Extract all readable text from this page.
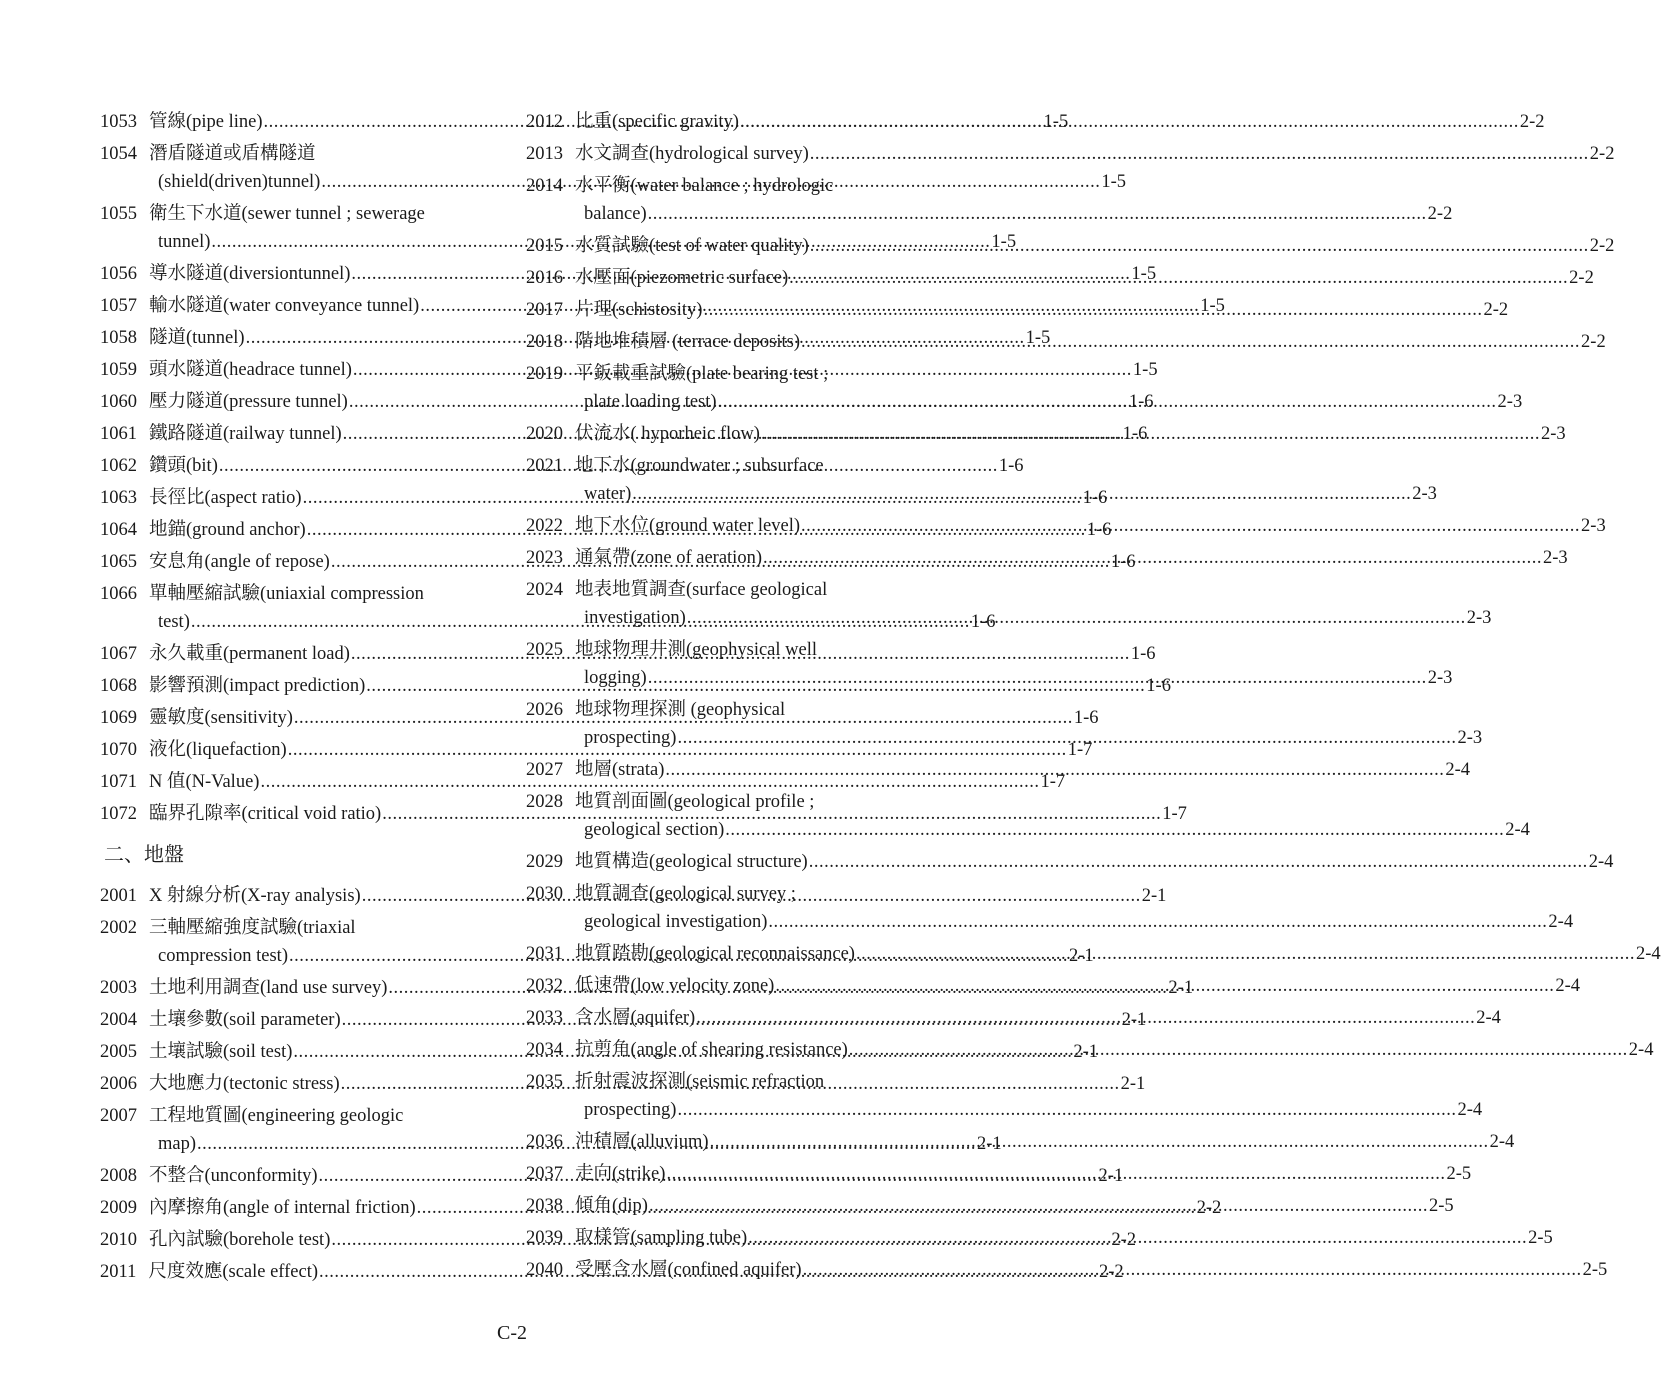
1053 管線(pipe line) .....	1-5
1054 潛盾隧道或盾構隧道
(shield(driven)tunnel) .....	1-5
1055 衛生下水道(sewer tunnel ; sewerage
tunnel) .....	1-5
1056 導水隧道(diversiontunnel) .....	1-5
1057 輸水隧道(water conveyance tunnel) .....	1-5
1058 隧道(tunnel) .....	1-5
1059 頭水隧道(headrace tunnel) .....	1-5
1060 壓力隧道(pressure tunnel) .....	1-6
1061 鐵路隧道(railway tunnel) .....	1-6
1062 鑽頭(bit) .....	1-6
1063 長徑比(aspect ratio) .....	1-6
1064 地錨(ground anchor) .....	1-6
1065 安息角(angle of repose) .....	1-6
1066 單軸壓縮試驗(uniaxial compression
test) .....	1-6
1067 永久載重(permanent load) .....	1-6
1068 影響預測(impact prediction) .....	1-6
1069 靈敏度(sensitivity) .....	1-6
1070 液化(liquefaction) .....	1-7
1071 N 值(N-Value) .....	1-7
1072 臨界孔隙率(critical void ratio) .....	1-7
二、地盤
2001 X 射線分析(X-ray analysis) .....	2-1
2002 三軸壓縮強度試驗(triaxial
compression test) .....	2-1
2003 土地利用調查(land use survey) .....	2-1
2004 土壤參數(soil parameter) .....	2-1
2005 土壤試驗(soil test) .....	2-1
2006 大地應力(tectonic stress) .....	2-1
2007 工程地質圖(engineering geologic
map) .....	2-1
2008 不整合(unconformity) .....	2-1
2009 內摩擦角(angle of internal friction) .....	2-2
2010 孔內試驗(borehole test) .....	2-2
2011 尺度效應(scale effect) .....	2-2
2012 比重(specific gravity) .....	2-2
2013 水文調查(hydrological survey) .....	2-2
2014 水平衡(water balance ; hydrologic
balance) .....	2-2
2015 水質試驗(test of water quality) .....	2-2
2016 水壓面(piezometric surface) .....	2-2
2017 片理(schistosity) .....	2-2
2018 階地堆積層 (terrace deposits) .....	2-2
2019 平鈑載重試驗(plate bearing test ;
plate loading test) .....	2-3
2020 伏流水( hyporheic flow) .....	2-3
2021 地下水(groundwater ; subsurface
water) .....	2-3
2022 地下水位(ground water level) .....	2-3
2023 通氣帶(zone of aeration) .....	2-3
2024 地表地質調查(surface geological
investigation) .....	2-3
2025 地球物理井測(geophysical well
logging) .....	2-3
2026 地球物理探測 (geophysical
prospecting) .....	2-3
2027 地層(strata) .....	2-4
2028 地質剖面圖(geological profile ;
geological section) .....	2-4
2029 地質構造(geological structure) .....	2-4
2030 地質調查(geological survey ;
geological investigation) .....	2-4
2031 地質踏勘(geological reconnaissance) .....	2-4
2032 低速帶(low velocity zone) .....	2-4
2033 含水層(aquifer) .....	2-4
2034 抗剪角(angle of shearing resistance) .....	2-4
2035 折射震波探測(seismic refraction
prospecting) .....	2-4
2036 沖積層(alluvium) .....	2-4
2037 走向(strike) .....	2-5
2038 傾角(dip) .....	2-5
2039 取樣管(sampling tube) .....	2-5
2040 受壓含水層(confined aquifer) .....	2-5
C-2
